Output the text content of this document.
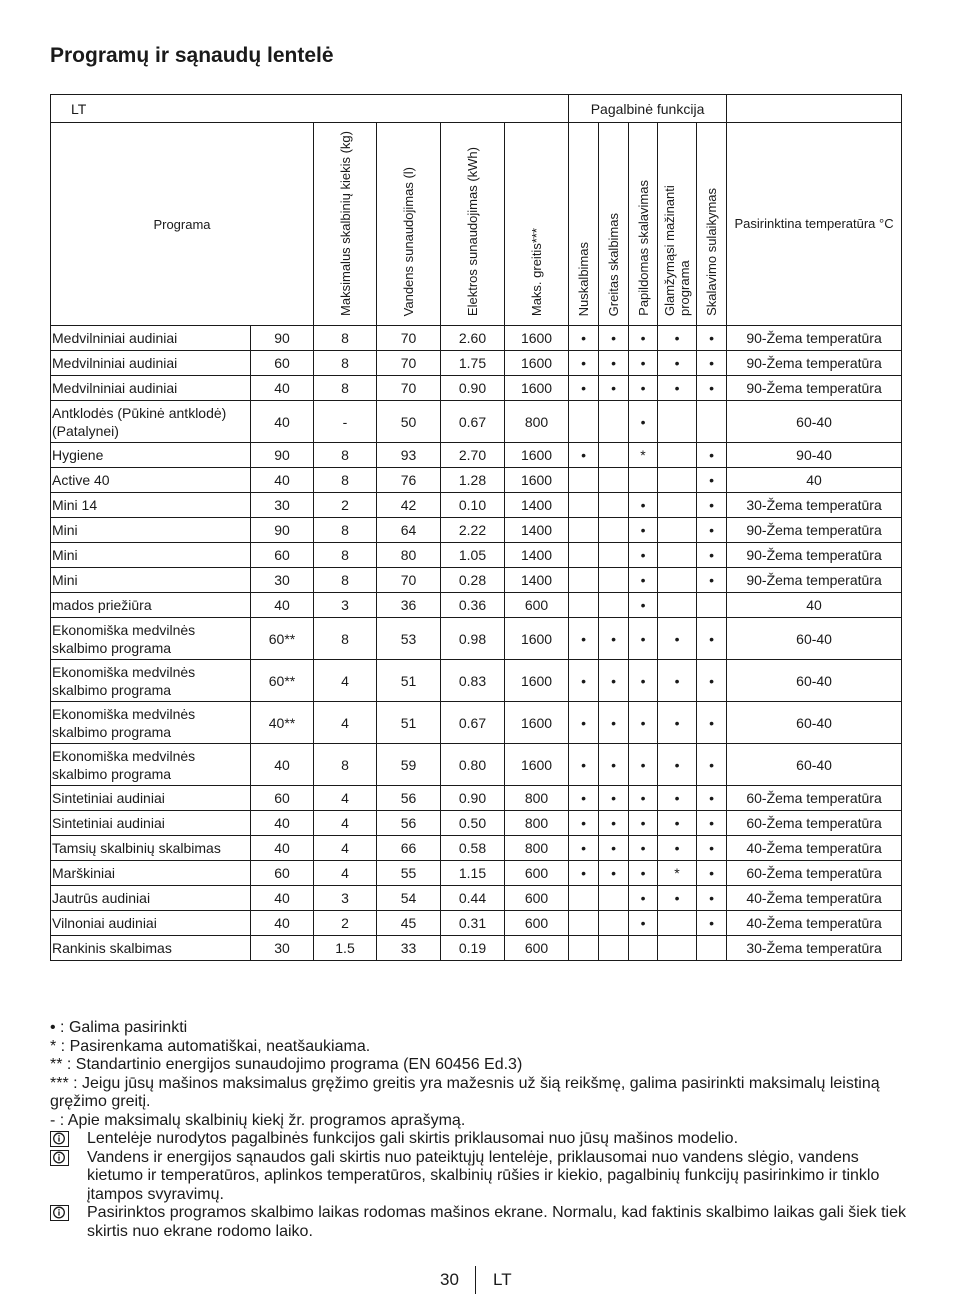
Programų ir sąnaudų lentelė
LT						Pagalbinė funkcija					
Programa		Maksimalus skalbinių kiekis (kg)	Vandens sunaudojimas (l)	Elektros sunaudojimas (kWh)	Maks. greitis***	Nuskalbimas	Greitas skalbimas	Papildomas skalavimas	Glamžymąsi mažinanti programa	Skalavimo sulaikymas	Pasirinktina temperatūra °C
Medvilniniai audiniai	90	8	70	2.60	1600	•	•	•	•	•	90-Žema temperatūra
Medvilniniai audiniai	60	8	70	1.75	1600	•	•	•	•	•	90-Žema temperatūra
Medvilniniai audiniai	40	8	70	0.90	1600	•	•	•	•	•	90-Žema temperatūra
Antklodės (Pūkinė antklodė) (Patalynei)	40	-	50	0.67	800			•			60-40
Hygiene	90	8	93	2.70	1600	•		*		•	90-40
Active 40	40	8	76	1.28	1600					•	40
Mini 14	30	2	42	0.10	1400			•		•	30-Žema temperatūra
Mini	90	8	64	2.22	1400			•		•	90-Žema temperatūra
Mini	60	8	80	1.05	1400			•		•	90-Žema temperatūra
Mini	30	8	70	0.28	1400			•		•	90-Žema temperatūra
mados priežiūra	40	3	36	0.36	600			•			40
Ekonomiška medvilnės skalbimo programa	60**	8	53	0.98	1600	•	•	•	•	•	60-40
Ekonomiška medvilnės skalbimo programa	60**	4	51	0.83	1600	•	•	•	•	•	60-40
Ekonomiška medvilnės skalbimo programa	40**	4	51	0.67	1600	•	•	•	•	•	60-40
Ekonomiška medvilnės skalbimo programa	40	8	59	0.80	1600	•	•	•	•	•	60-40
Sintetiniai audiniai	60	4	56	0.90	800	•	•	•	•	•	60-Žema temperatūra
Sintetiniai audiniai	40	4	56	0.50	800	•	•	•	•	•	60-Žema temperatūra
Tamsių skalbinių skalbimas	40	4	66	0.58	800	•	•	•	•	•	40-Žema temperatūra
Marškiniai	60	4	55	1.15	600	•	•	•	*	•	60-Žema temperatūra
Jautrūs audiniai	40	3	54	0.44	600			•	•	•	40-Žema temperatūra
Vilnoniai audiniai	40	2	45	0.31	600			•		•	40-Žema temperatūra
Rankinis skalbimas	30	1.5	33	0.19	600						30-Žema temperatūra

• : Galima pasirinkti

* : Pasirenkama automatiškai, neatšaukiama.

** : Standartinio energijos sunaudojimo programa (EN 60456 Ed.3)

*** : Jeigu jūsų mašinos maksimalus gręžimo greitis yra mažesnis už šią reikšmę, galima pasirinkti maksimalų leistiną gręžimo greitį.

- : Apie maksimalų skalbinių kiekį žr. programos aprašymą.

Lentelėje nurodytos pagalbinės funkcijos gali skirtis priklausomai nuo jūsų mašinos modelio.
Vandens ir energijos sąnaudos gali skirtis nuo pateiktųjų lentelėje, priklausomai nuo vandens slėgio, vandens kietumo ir temperatūros, aplinkos temperatūros, skalbinių rūšies ir kiekio, pagalbinių funkcijų pasirinkimo ir tinklo įtampos svyravimų.
Pasirinktos programos skalbimo laikas rodomas mašinos ekrane. Normalu, kad faktinis skalbimo laikas gali šiek tiek skirtis nuo ekrane rodomo laiko.
30 LT
